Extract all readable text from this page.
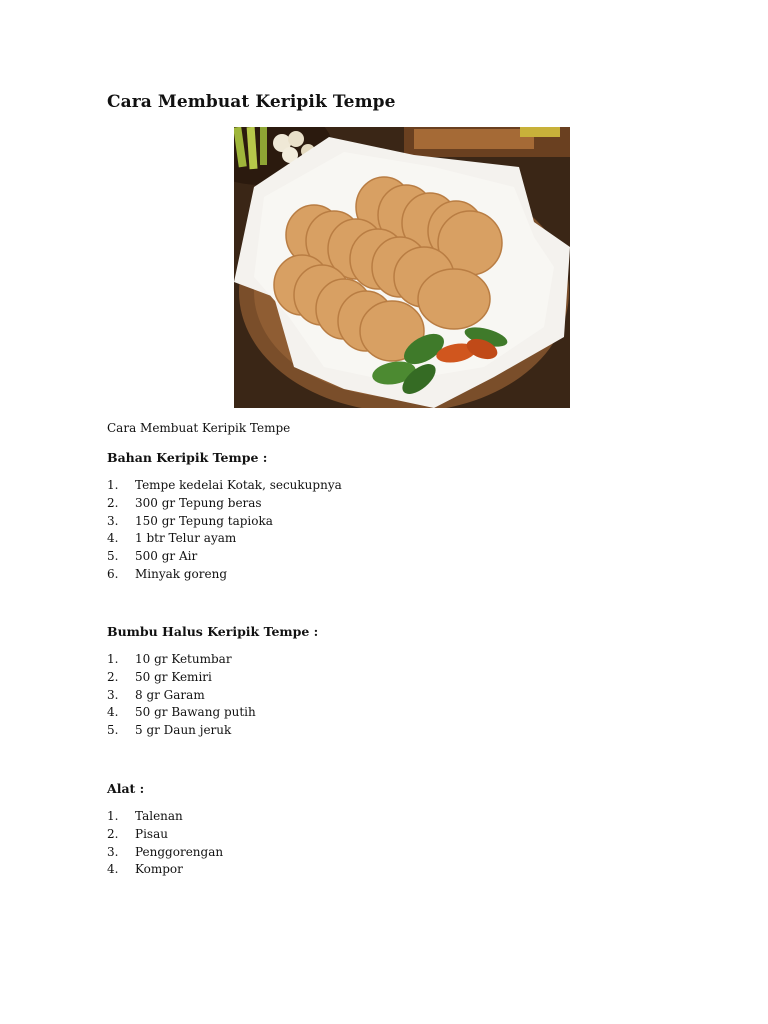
Cara Membuat Keripik Tempe

Cara Membuat Keripik Tempe

Bahan Keripik Tempe :
1. Tempe kedelai Kotak, secukupnya
2. 300 gr Tepung beras
3. 150 gr Tepung tapioka
4. 1 btr Telur ayam
5. 500 gr Air
6. Minyak goreng
Bumbu Halus Keripik Tempe :
1. 10 gr Ketumbar
2. 50 gr Kemiri
3. 8 gr Garam
4. 50 gr Bawang putih
5. 5 gr Daun jeruk
Alat :
1. Talenan
2. Pisau
3. Penggorengan
4. Kompor
